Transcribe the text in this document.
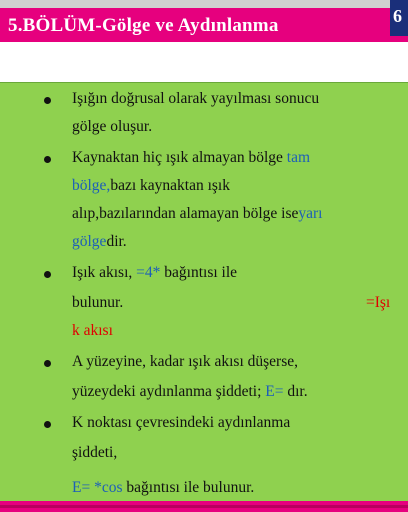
5.BÖLÜM-Gölge ve Aydınlanma	6
Işığın doğrusal olarak yayılması sonucu
gölge oluşur.
Kaynaktan hiç ışık almayan bölge tam
bölge,bazı kaynaktan ışık
alıp,bazılarından alamayan bölge iseyarı
gölgedir.
Işık akısı, =4* bağıntısı ile
bulunur.	=Işı
k akısı
A yüzeyine, kadar ışık akısı düşerse,
yüzeydeki aydınlanma şiddeti; E= dır.
K noktası çevresindeki aydınlanma
şiddeti,
E= *cos bağıntısı ile bulunur.
